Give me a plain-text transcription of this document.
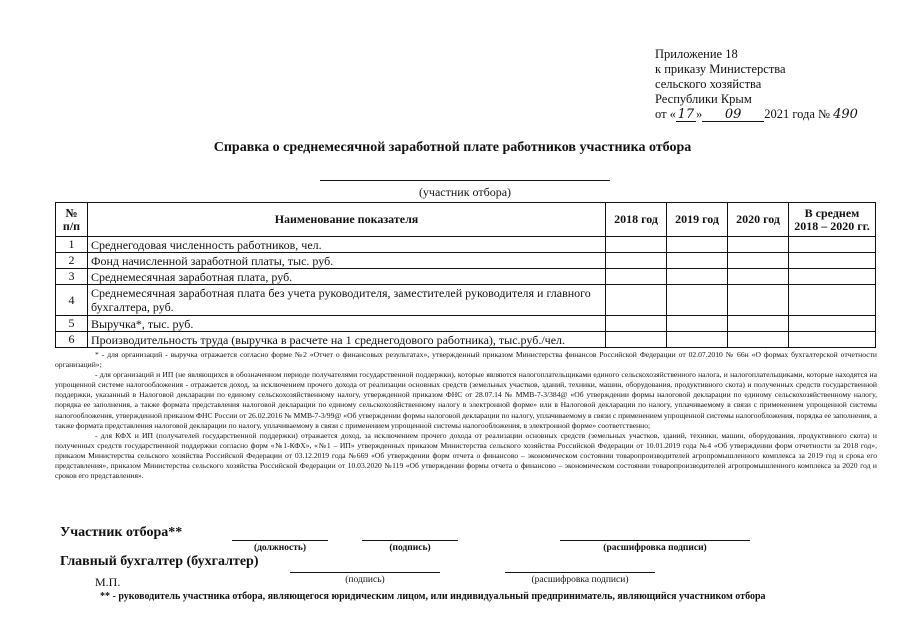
Приложение 18
к приказу Министерства
сельского хозяйства
Республики Крым
от « 17 » 09 2021 года № 490
Справка о среднемесячной заработной плате работников участника отбора
(участник отбора)
№ п/п	Наименование показателя	2018 год	2019 год	2020 год	В среднем 2018 – 2020 гг.
1	Среднегодовая численность работников, чел.				
2	Фонд начисленной заработной платы, тыс. руб.				
3	Среднемесячная заработная плата, руб.				
4	Среднемесячная заработная плата без учета руководителя, заместителей руководителя и главного бухгалтера, руб.				
5	Выручка*, тыс. руб.				
6	Производительность труда (выручка в расчете на 1 среднегодового работника), тыс.руб./чел.				

* - для организаций - выручка отражается согласно форме №2 «Отчет о финансовых результатах», утвержденный приказом Министерства финансов Российской Федерации от 02.07.2010 № 66н «О формах бухгалтерской отчетности организаций»;

- для организаций и ИП (не являющихся в обозначенном периоде получателями государственной поддержки), которые являются налогоплательщиками единого сельскохозяйственного налога, и налогоплательщиками, которые находятся на упрощенной системе налогообложения - отражается доход, за исключением прочего дохода от реализации основных средств (земельных участков, зданий, техники, машин, оборудования, продуктивного скота) и полученных средств государственной поддержки, указанный в Налоговой декларации по единому сельскохозяйственному налогу, утвержденной приказом ФНС от 28.07.14 № ММВ-7-3/384@ «Об утверждении формы налоговой декларации по единому сельскохозяйственному налогу, порядка ее заполнения, а также формата представления налоговой декларации по единому сельскохозяйственному налогу в электронной форме» или в Налоговой декларации по налогу, уплачиваемому в связи с применением упрощенной системы налогообложения, утвержденной приказом ФНС России от 26.02.2016 № ММВ-7-3/99@ «Об утверждении формы налоговой декларации по налогу, уплачиваемому в связи с применением упрощенной системы налогообложения, порядка ее заполнения, а также формата представления налоговой декларации по налогу, уплачиваемому в связи с применением упрощенной системы налогообложения, в электронной форме» соответственно;

- для КФХ и ИП (получателей государственной поддержки) отражается доход, за исключением прочего дохода от реализации основных средств (земельных участков, зданий, техники, машин, оборудования, продуктивного скота) и полученных средств государственной поддержки согласно форм «№1-КФХ», «№1 – ИП» утвержденных приказом Министерства сельского хозяйства Российской Федерации от 10.01.2019 года №4 «Об утверждении форм отчетности за 2018 год», приказом Министерства сельского хозяйства Российской Федерации от 03.12.2019 года №669 «Об утверждении форм отчета о финансово – экономическом состоянии товаропроизводителей агропромышленного комплекса за 2019 год и срока его представления», приказом Министерства сельского хозяйства Российской Федерации от 10.03.2020 №119 «Об утверждении формы отчета о финансово – экономическом состоянии товаропроизводителей агропромышленного комплекса за 2020 год и сроков его представления».

Участник отбора**
(должность)	(подпись)	(расшифровка подписи)
Главный бухгалтер (бухгалтер)
М.П.	(подпись)	(расшифровка подписи)
** - руководитель участника отбора, являющегося юридическим лицом, или индивидуальный предприниматель, являющийся участником отбора
